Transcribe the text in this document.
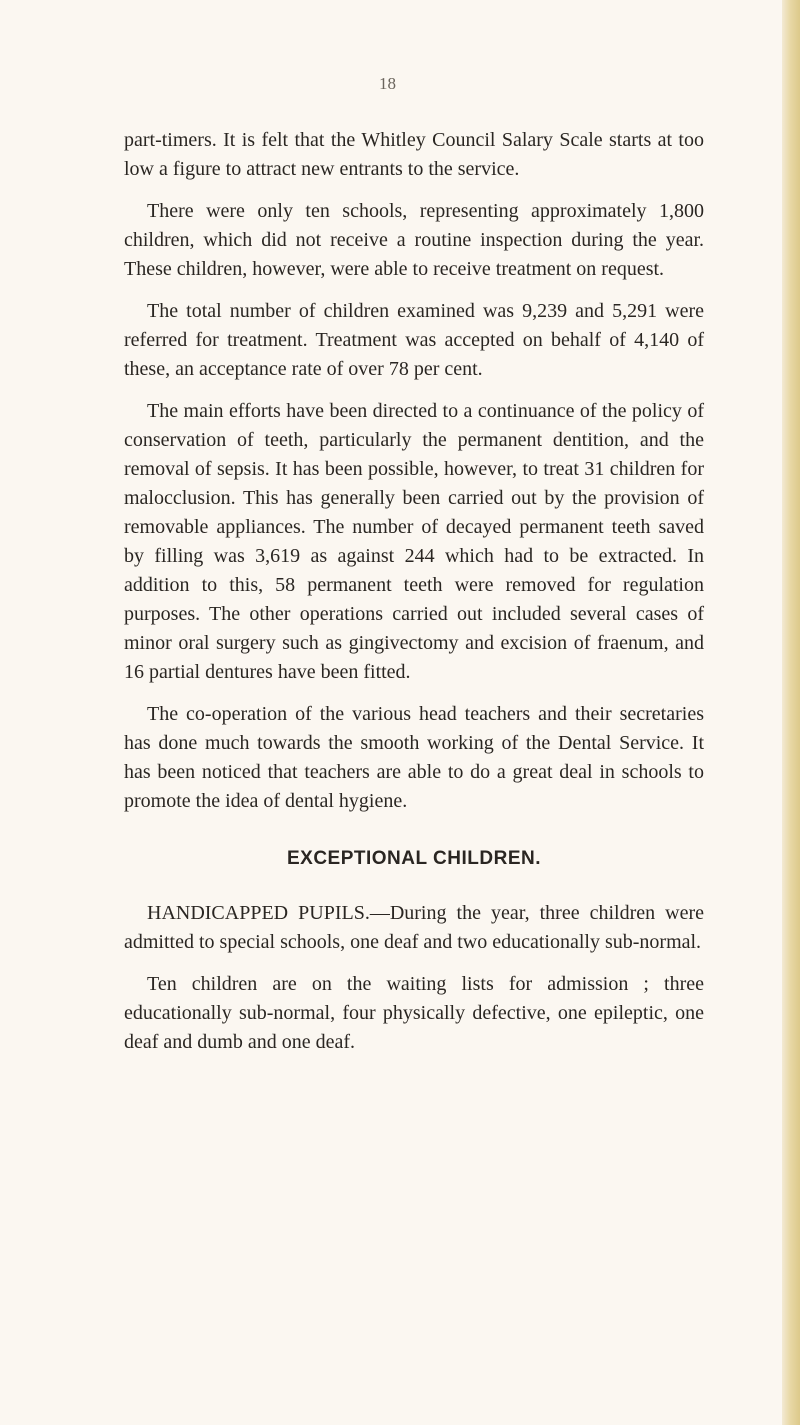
18

part-timers. It is felt that the Whitley Council Salary Scale starts at too low a figure to attract new entrants to the service.

There were only ten schools, representing approximately 1,800 children, which did not receive a routine inspection during the year. These children, however, were able to receive treatment on request.

The total number of children examined was 9,239 and 5,291 were referred for treatment. Treatment was accepted on behalf of 4,140 of these, an acceptance rate of over 78 per cent.

The main efforts have been directed to a continuance of the policy of conservation of teeth, particularly the permanent dentition, and the removal of sepsis. It has been possible, however, to treat 31 children for malocclusion. This has generally been carried out by the provision of removable appliances. The number of decayed permanent teeth saved by filling was 3,619 as against 244 which had to be extracted. In addition to this, 58 permanent teeth were removed for regulation purposes. The other operations carried out included several cases of minor oral surgery such as gingivectomy and excision of fraenum, and 16 partial dentures have been fitted.

The co-operation of the various head teachers and their secretaries has done much towards the smooth working of the Dental Service. It has been noticed that teachers are able to do a great deal in schools to promote the idea of dental hygiene.

EXCEPTIONAL CHILDREN.

HANDICAPPED PUPILS.—During the year, three children were admitted to special schools, one deaf and two educationally sub-normal.

Ten children are on the waiting lists for admission ; three educationally sub-normal, four physically defective, one epileptic, one deaf and dumb and one deaf.
